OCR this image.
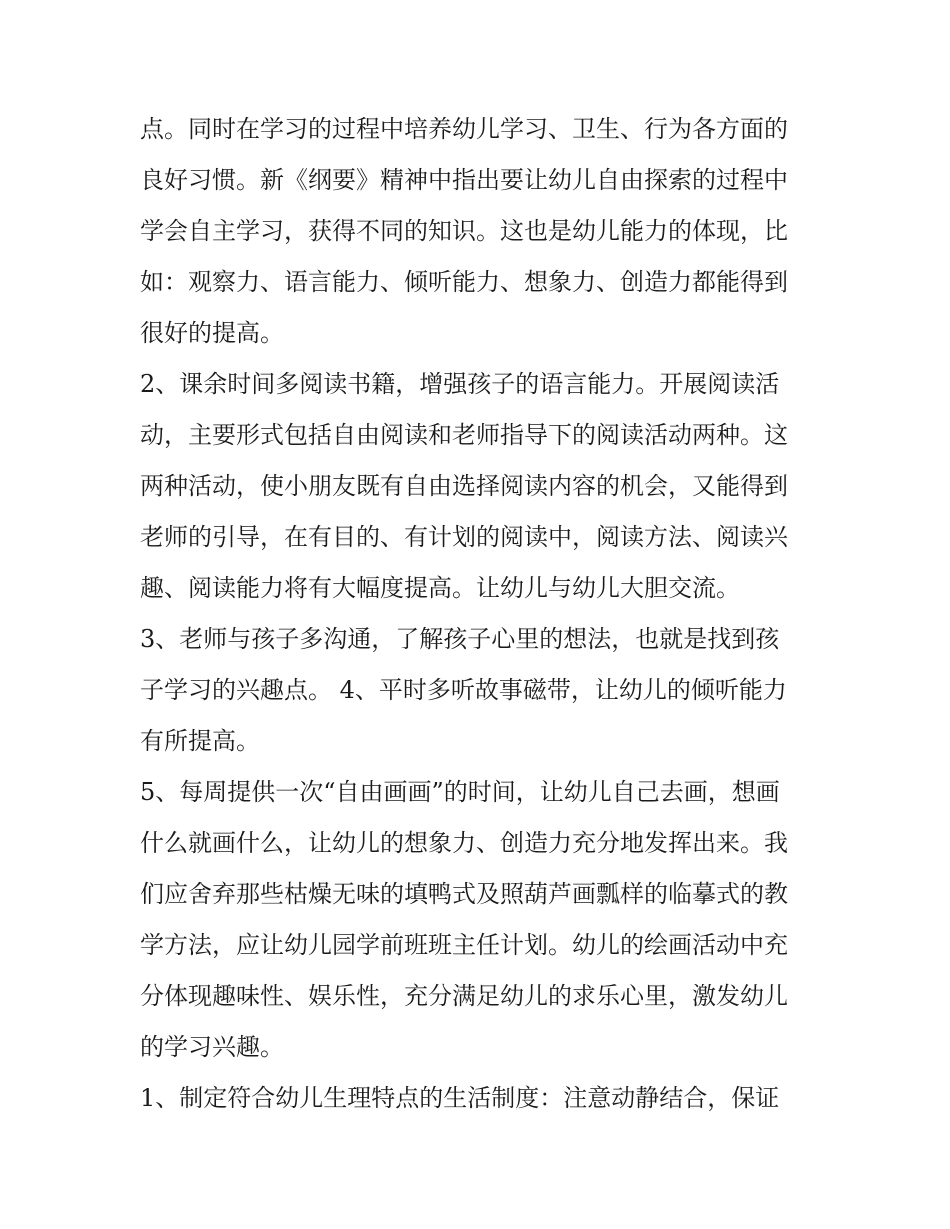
点。同时在学习的过程中培养幼儿学习、卫生、行为各方面的
良好习惯。新《纲要》精神中指出要让幼儿自由探索的过程中
学会自主学习，获得不同的知识。这也是幼儿能力的体现，比
如：观察力、语言能力、倾听能力、想象力、创造力都能得到
很好的提高。
2、课余时间多阅读书籍，增强孩子的语言能力。开展阅读活
动，主要形式包括自由阅读和老师指导下的阅读活动两种。这
两种活动，使小朋友既有自由选择阅读内容的机会，又能得到
老师的引导，在有目的、有计划的阅读中，阅读方法、阅读兴
趣、阅读能力将有大幅度提高。让幼儿与幼儿大胆交流。
3、老师与孩子多沟通，了解孩子心里的想法，也就是找到孩
子学习的兴趣点。 4、平时多听故事磁带，让幼儿的倾听能力
有所提高。
5、每周提供一次“自由画画”的时间，让幼儿自己去画，想画
什么就画什么，让幼儿的想象力、创造力充分地发挥出来。我
们应舍弃那些枯燥无味的填鸭式及照葫芦画瓢样的临摹式的教
学方法，应让幼儿园学前班班主任计划。幼儿的绘画活动中充
分体现趣味性、娱乐性，充分满足幼儿的求乐心里，激发幼儿
的学习兴趣。
1、制定符合幼儿生理特点的生活制度：注意动静结合，保证
